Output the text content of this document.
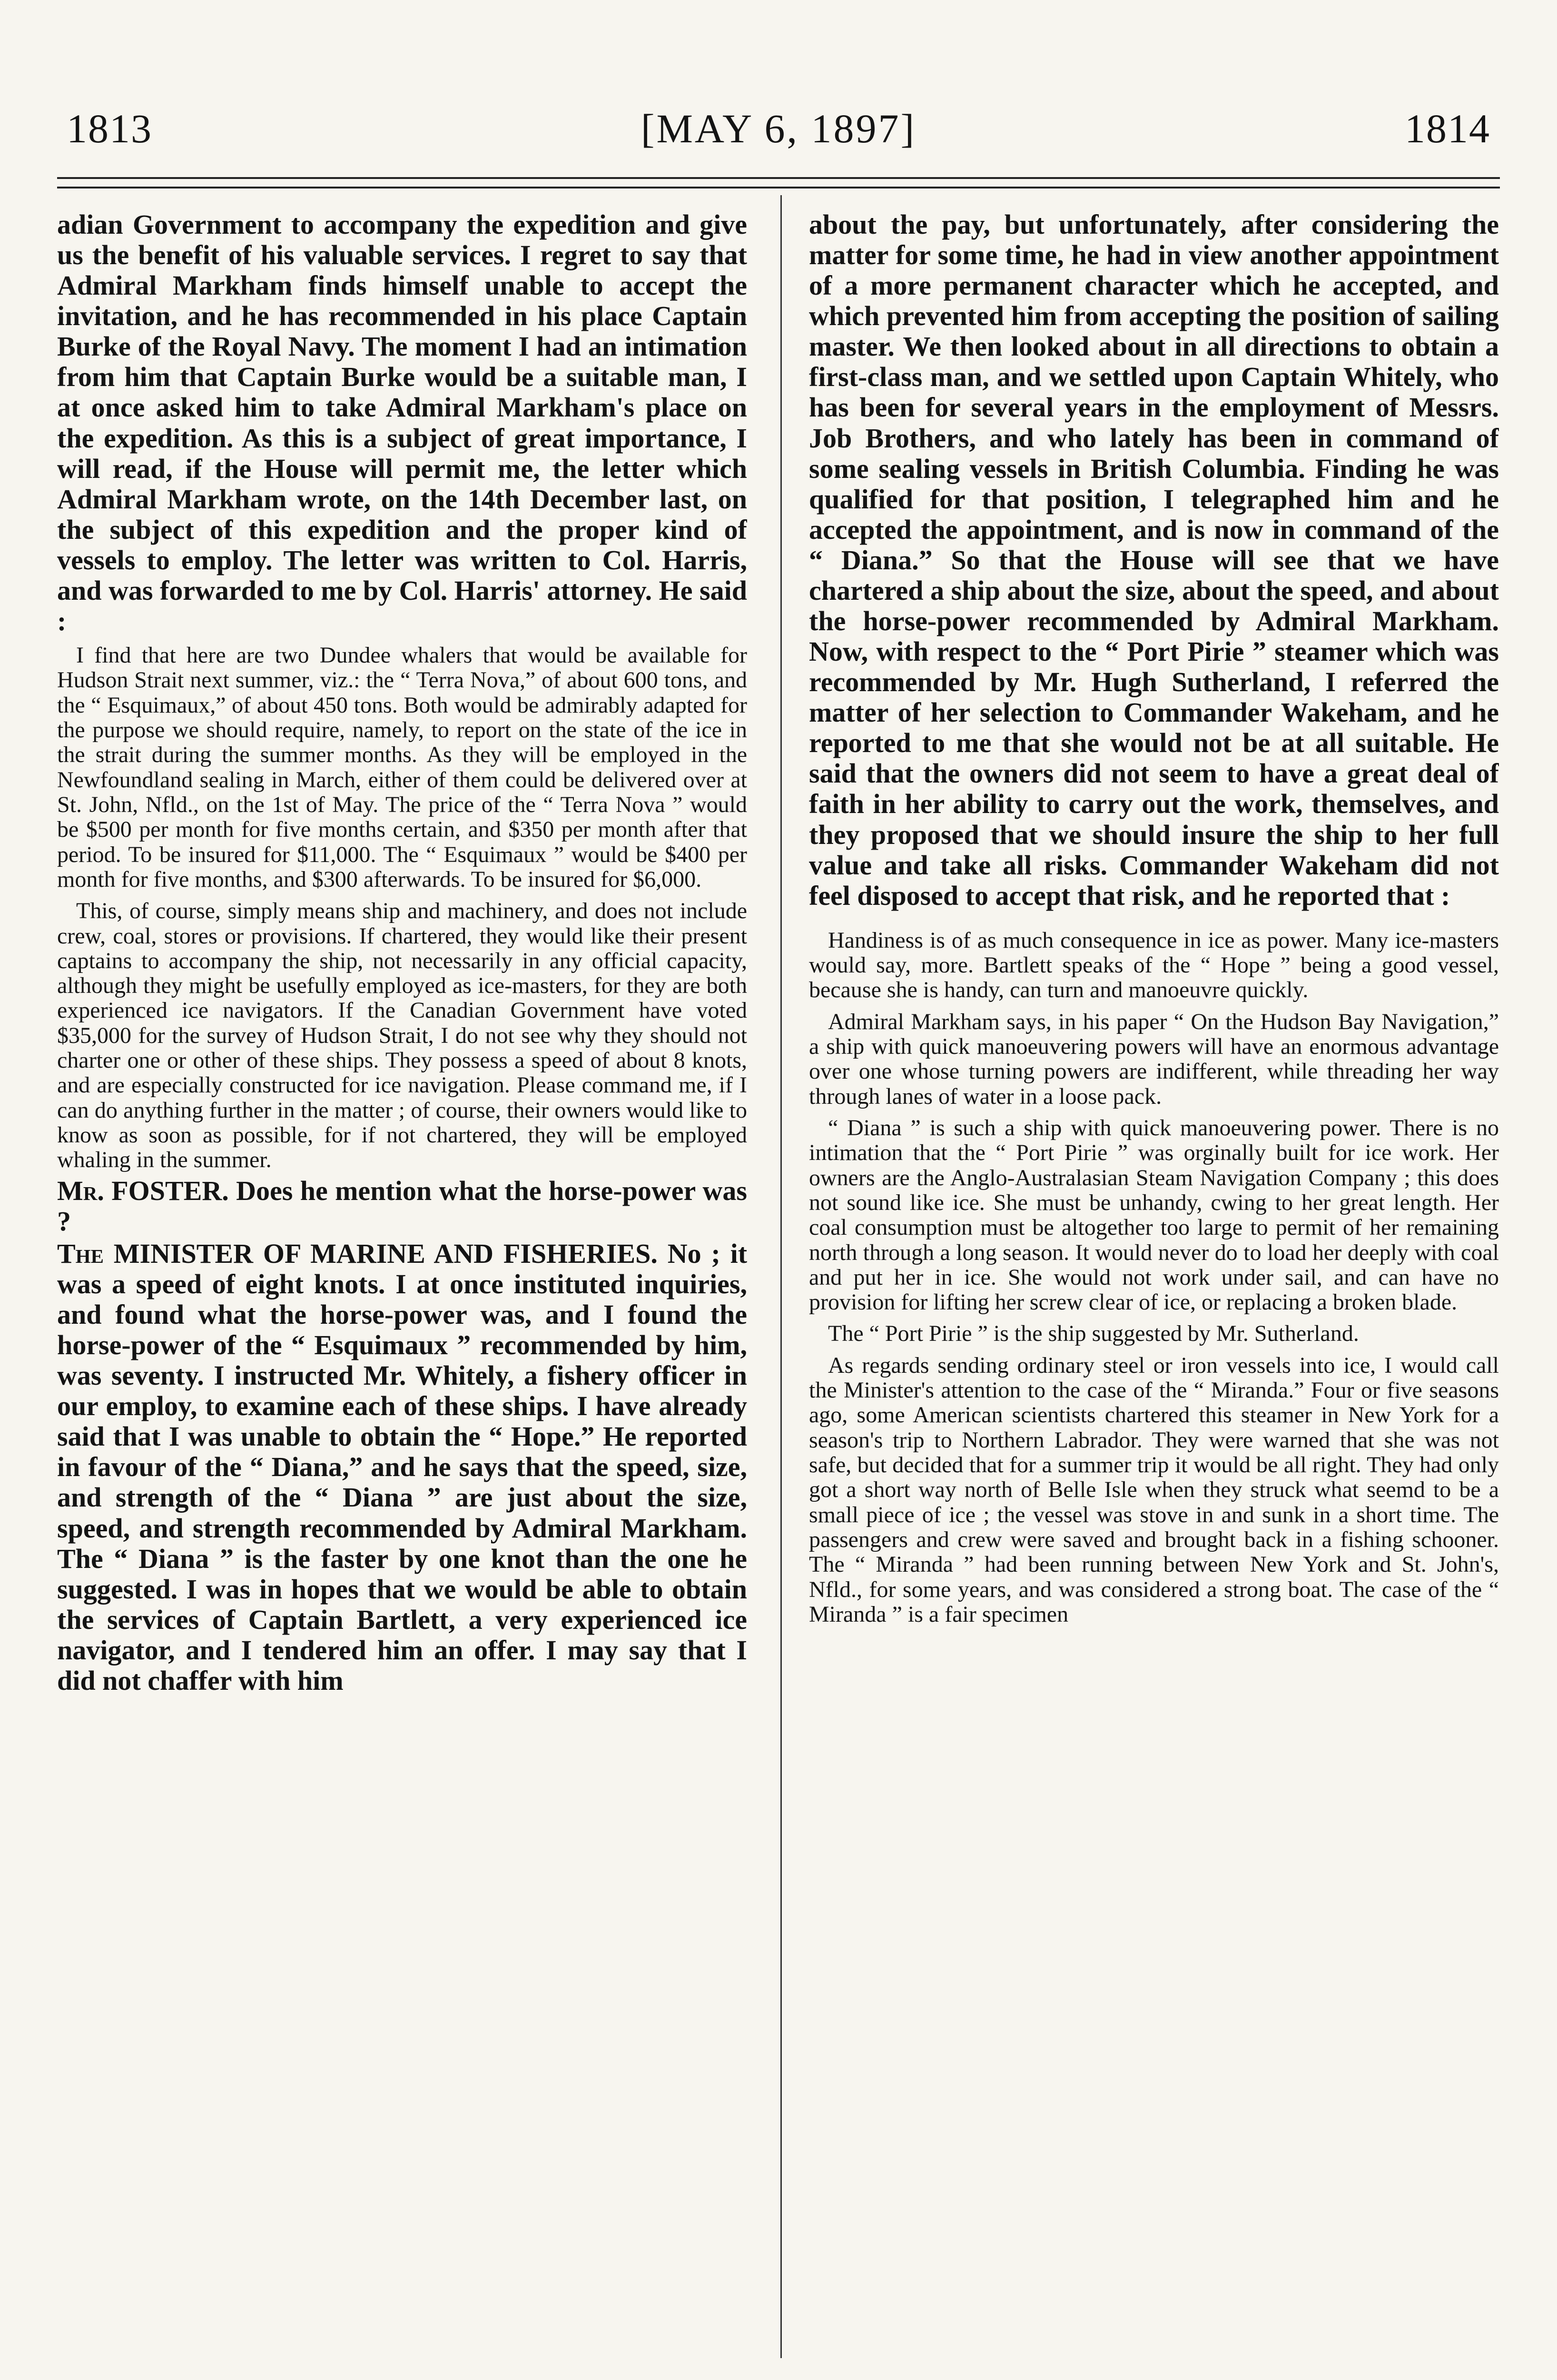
1813	[MAY 6, 1897]	1814

adian Government to accompany the expedition and give us the benefit of his valuable services. I regret to say that Admiral Markham finds himself unable to accept the invitation, and he has recommended in his place Captain Burke of the Royal Navy. The moment I had an intimation from him that Captain Burke would be a suitable man, I at once asked him to take Admiral Markham's place on the expedition. As this is a subject of great importance, I will read, if the House will permit me, the letter which Admiral Markham wrote, on the 14th December last, on the subject of this expedition and the proper kind of vessels to employ. The letter was written to Col. Harris, and was forwarded to me by Col. Harris' attorney. He said :

I find that here are two Dundee whalers that would be available for Hudson Strait next summer, viz.: the “ Terra Nova,” of about 600 tons, and the “ Esquimaux,” of about 450 tons. Both would be admirably adapted for the purpose we should require, namely, to report on the state of the ice in the strait during the summer months. As they will be employed in the Newfoundland sealing in March, either of them could be delivered over at St. John, Nfld., on the 1st of May. The price of the “ Terra Nova ” would be $500 per month for five months certain, and $350 per month after that period. To be insured for $11,000. The “ Esquimaux ” would be $400 per month for five months, and $300 afterwards. To be insured for $6,000.

This, of course, simply means ship and machinery, and does not include crew, coal, stores or provisions. If chartered, they would like their present captains to accompany the ship, not necessarily in any official capacity, although they might be usefully employed as ice-masters, for they are both experienced ice navigators. If the Canadian Government have voted $35,000 for the survey of Hudson Strait, I do not see why they should not charter one or other of these ships. They possess a speed of about 8 knots, and are especially constructed for ice navigation. Please command me, if I can do anything further in the matter ; of course, their owners would like to know as soon as possible, for if not chartered, they will be employed whaling in the summer.

Mr. FOSTER. Does he mention what the horse-power was ?

The MINISTER OF MARINE AND FISHERIES. No ; it was a speed of eight knots. I at once instituted inquiries, and found what the horse-power was, and I found the horse-power of the “ Esquimaux ” recommended by him, was seventy. I instructed Mr. Whitely, a fishery officer in our employ, to examine each of these ships. I have already said that I was unable to obtain the “ Hope.” He reported in favour of the “ Diana,” and he says that the speed, size, and strength of the “ Diana ” are just about the size, speed, and strength recommended by Admiral Markham. The “ Diana ” is the faster by one knot than the one he suggested. I was in hopes that we would be able to obtain the services of Captain Bartlett, a very experienced ice navigator, and I tendered him an offer. I may say that I did not chaffer with him

about the pay, but unfortunately, after considering the matter for some time, he had in view another appointment of a more permanent character which he accepted, and which prevented him from accepting the position of sailing master. We then looked about in all directions to obtain a first-class man, and we settled upon Captain Whitely, who has been for several years in the employment of Messrs. Job Brothers, and who lately has been in command of some sealing vessels in British Columbia. Finding he was qualified for that position, I telegraphed him and he accepted the appointment, and is now in command of the “ Diana.” So that the House will see that we have chartered a ship about the size, about the speed, and about the horse-power recommended by Admiral Markham. Now, with respect to the “ Port Pirie ” steamer which was recommended by Mr. Hugh Sutherland, I referred the matter of her selection to Commander Wakeham, and he reported to me that she would not be at all suitable. He said that the owners did not seem to have a great deal of faith in her ability to carry out the work, themselves, and they proposed that we should insure the ship to her full value and take all risks. Commander Wakeham did not feel disposed to accept that risk, and he reported that :

Handiness is of as much consequence in ice as power. Many ice-masters would say, more. Bartlett speaks of the “ Hope ” being a good vessel, because she is handy, can turn and manoeuvre quickly.

Admiral Markham says, in his paper “ On the Hudson Bay Navigation,” a ship with quick manoeuvering powers will have an enormous advantage over one whose turning powers are indifferent, while threading her way through lanes of water in a loose pack.

“ Diana ” is such a ship with quick manoeuvering power. There is no intimation that the “ Port Pirie ” was orginally built for ice work. Her owners are the Anglo-Australasian Steam Navigation Company ; this does not sound like ice. She must be unhandy, cwing to her great length. Her coal consumption must be altogether too large to permit of her remaining north through a long season. It would never do to load her deeply with coal and put her in ice. She would not work under sail, and can have no provision for lifting her screw clear of ice, or replacing a broken blade.

The “ Port Pirie ” is the ship suggested by Mr. Sutherland.

As regards sending ordinary steel or iron vessels into ice, I would call the Minister's attention to the case of the “ Miranda.” Four or five seasons ago, some American scientists chartered this steamer in New York for a season's trip to Northern Labrador. They were warned that she was not safe, but decided that for a summer trip it would be all right. They had only got a short way north of Belle Isle when they struck what seemd to be a small piece of ice ; the vessel was stove in and sunk in a short time. The passengers and crew were saved and brought back in a fishing schooner. The “ Miranda ” had been running between New York and St. John's, Nfld., for some years, and was considered a strong boat. The case of the “ Miranda ” is a fair specimen
